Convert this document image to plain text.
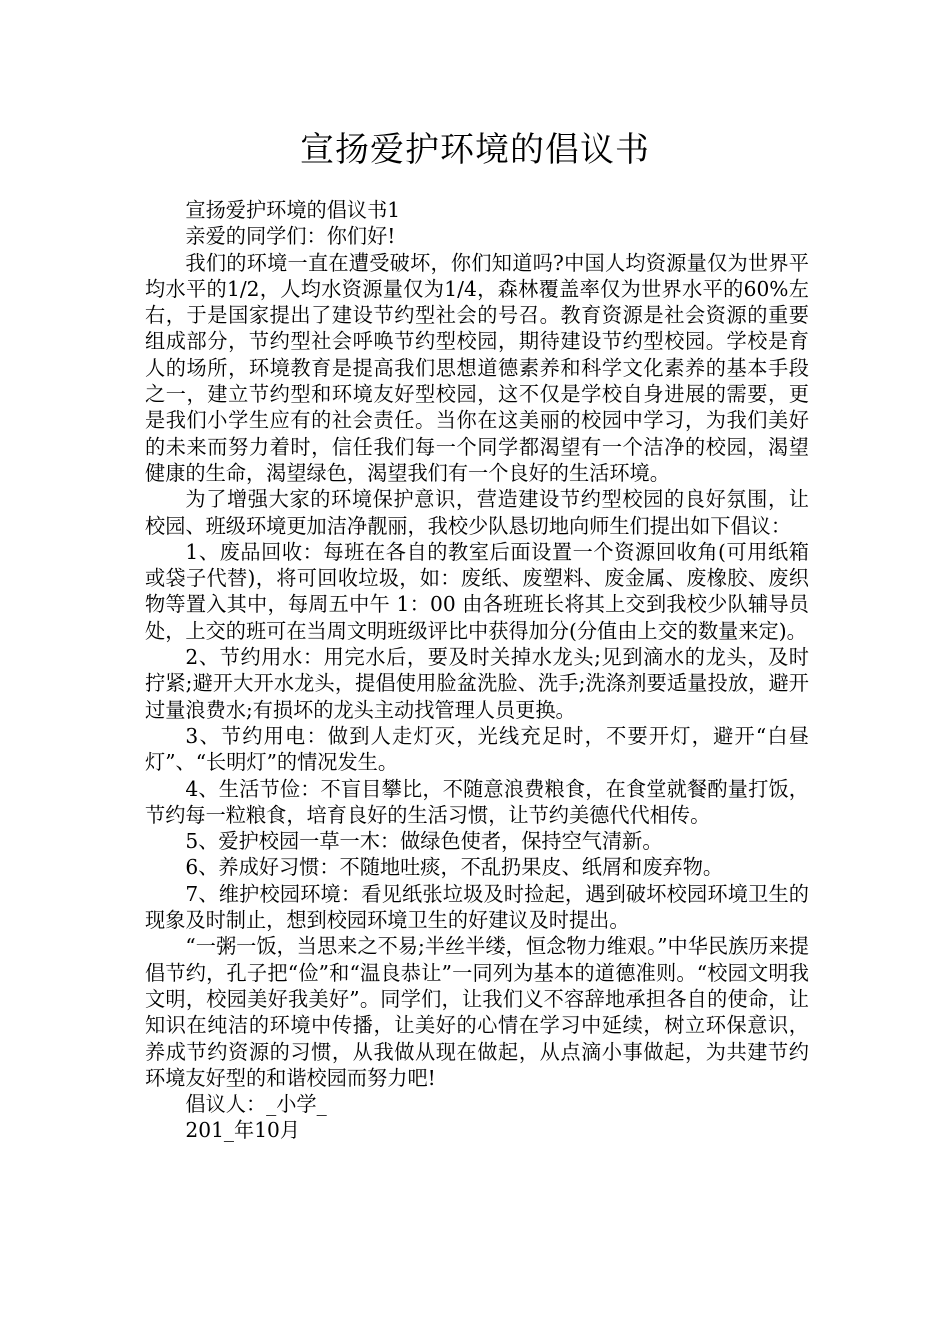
宣扬爱护环境的倡议书

宣扬爱护环境的倡议书1

亲爱的同学们：你们好!

我们的环境一直在遭受破坏，你们知道吗?中国人均资源量仅为世界平均水平的1/2，人均水资源量仅为1/4，森林覆盖率仅为世界水平的60%左右，于是国家提出了建设节约型社会的号召。教育资源是社会资源的重要组成部分，节约型社会呼唤节约型校园，期待建设节约型校园。学校是育人的场所，环境教育是提高我们思想道德素养和科学文化素养的基本手段之一，建立节约型和环境友好型校园，这不仅是学校自身进展的需要，更是我们小学生应有的社会责任。当你在这美丽的校园中学习，为我们美好的未来而努力着时，信任我们每一个同学都渴望有一个洁净的校园，渴望健康的生命，渴望绿色，渴望我们有一个良好的生活环境。

为了增强大家的环境保护意识，营造建设节约型校园的良好氛围，让校园、班级环境更加洁净靓丽，我校少队恳切地向师生们提出如下倡议：

1、废品回收：每班在各自的教室后面设置一个资源回收角(可用纸箱或袋子代替)，将可回收垃圾，如：废纸、废塑料、废金属、废橡胶、废织物等置入其中，每周五中午 1：00 由各班班长将其上交到我校少队辅导员处，上交的班可在当周文明班级评比中获得加分(分值由上交的数量来定)。

2、节约用水：用完水后，要及时关掉水龙头;见到滴水的龙头，及时拧紧;避开大开水龙头，提倡使用脸盆洗脸、洗手;洗涤剂要适量投放，避开过量浪费水;有损坏的龙头主动找管理人员更换。

3、节约用电：做到人走灯灭，光线充足时，不要开灯，避开“白昼灯”、“长明灯”的情况发生。

4、生活节俭：不盲目攀比，不随意浪费粮食，在食堂就餐酌量打饭，节约每一粒粮食，培育良好的生活习惯，让节约美德代代相传。

5、爱护校园一草一木：做绿色使者，保持空气清新。

6、养成好习惯：不随地吐痰，不乱扔果皮、纸屑和废弃物。

7、维护校园环境：看见纸张垃圾及时捡起，遇到破坏校园环境卫生的现象及时制止，想到校园环境卫生的好建议及时提出。

“一粥一饭，当思来之不易;半丝半缕，恒念物力维艰。”中华民族历来提倡节约，孔子把“俭”和“温良恭让”一同列为基本的道德准则。“校园文明我文明，校园美好我美好”。同学们，让我们义不容辞地承担各自的使命，让知识在纯洁的环境中传播，让美好的心情在学习中延续，树立环保意识，养成节约资源的习惯，从我做从现在做起，从点滴小事做起，为共建节约环境友好型的和谐校园而努力吧!

倡议人：_小学_

201_年10月
